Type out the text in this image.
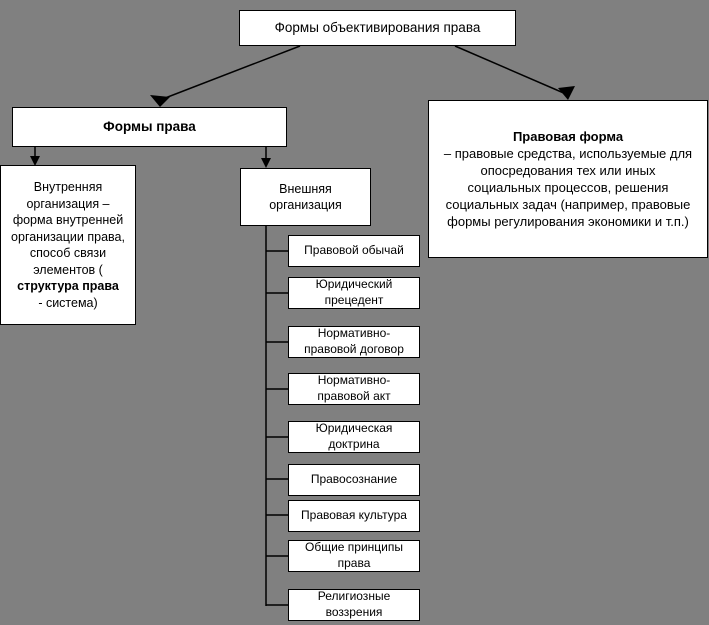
Формы объективирования права
Формы права
Правовая форма
– правовые средства, используемые для опосредования тех или иных социальных процессов, решения социальных задач (например, правовые формы регулирования экономики и т.п.)
Внутренняя организация – форма внутренней организации права, способ связи элементов (
структура права
- система)
Внешняя организация
Правовой обычай
Юридический прецедент
Нормативно-правовой договор
Нормативно-правовой акт
Юридическая доктрина
Правосознание
Правовая культура
Общие принципы права
Религиозные воззрения
